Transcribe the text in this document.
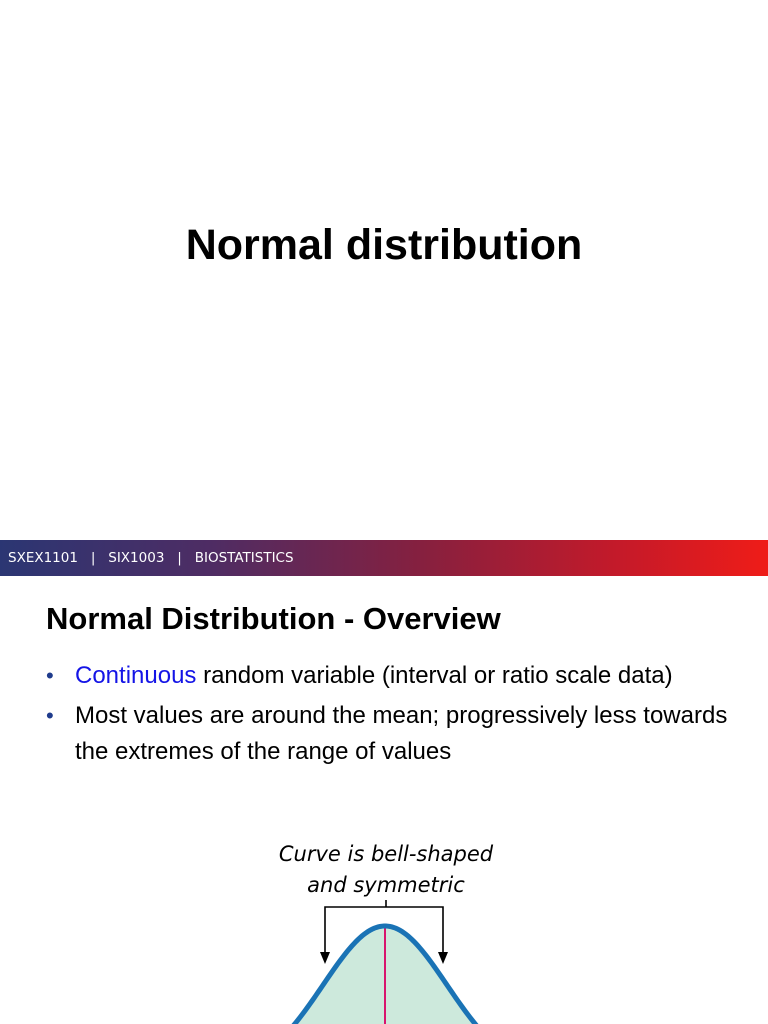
Normal distribution
SXEX1101   |   SIX1003   |   BIOSTATISTICS
Normal Distribution - Overview
• Continuous random variable (interval or ratio scale data)
• Most values are around the mean; progressively less towards the extremes of the range of values
Curve is bell-shaped
and symmetric
